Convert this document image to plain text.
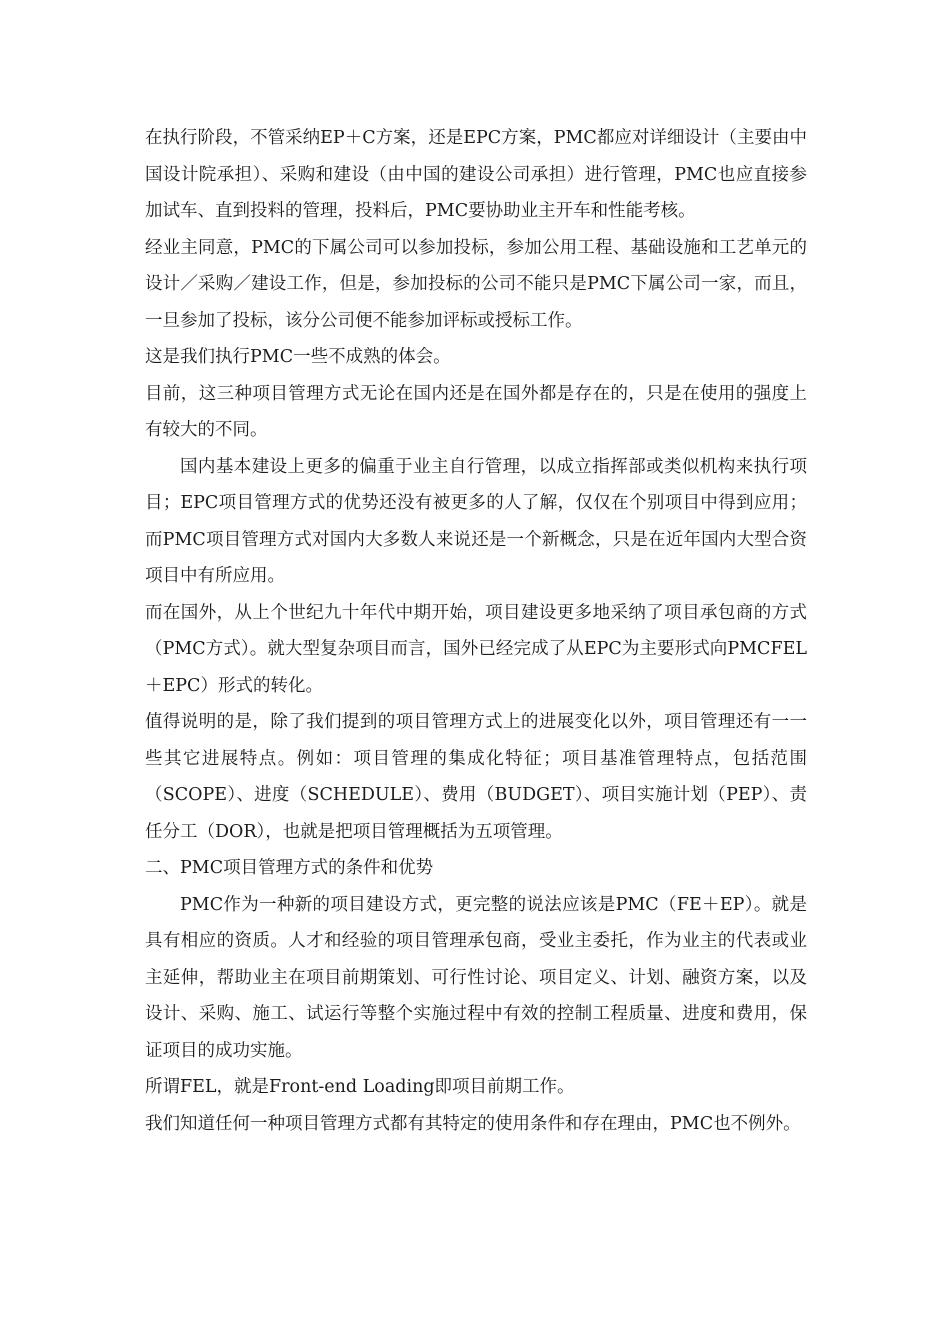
在执行阶段，不管采纳EP＋C方案，还是EPC方案，PMC都应对详细设计（主要由中国设计院承担）、采购和建设（由中国的建设公司承担）进行管理，PMC也应直接参加试车、直到投料的管理，投料后，PMC要协助业主开车和性能考核。

经业主同意，PMC的下属公司可以参加投标，参加公用工程、基础设施和工艺单元的设计／采购／建设工作，但是，参加投标的公司不能只是PMC下属公司一家，而且，一旦参加了投标，该分公司便不能参加评标或授标工作。

这是我们执行PMC一些不成熟的体会。

目前，这三种项目管理方式无论在国内还是在国外都是存在的，只是在使用的强度上有较大的不同。

国内基本建设上更多的偏重于业主自行管理，以成立指挥部或类似机构来执行项目；EPC项目管理方式的优势还没有被更多的人了解，仅仅在个别项目中得到应用；而PMC项目管理方式对国内大多数人来说还是一个新概念，只是在近年国内大型合资项目中有所应用。

而在国外，从上个世纪九十年代中期开始，项目建设更多地采纳了项目承包商的方式（PMC方式）。就大型复杂项目而言，国外已经完成了从EPC为主要形式向PMCFEL＋EPC）形式的转化。

值得说明的是，除了我们提到的项目管理方式上的进展变化以外，项目管理还有一一些其它进展特点。例如：项目管理的集成化特征；项目基准管理特点，包括范围（SCOPE）、进度（SCHEDULE）、费用（BUDGET）、项目实施计划（PEP）、责任分工（DOR），也就是把项目管理概括为五项管理。

二、PMC项目管理方式的条件和优势

PMC作为一种新的项目建设方式，更完整的说法应该是PMC（FE＋EP）。就是具有相应的资质。人才和经验的项目管理承包商，受业主委托，作为业主的代表或业主延伸，帮助业主在项目前期策划、可行性讨论、项目定义、计划、融资方案，以及设计、采购、施工、试运行等整个实施过程中有效的控制工程质量、进度和费用，保证项目的成功实施。

所谓FEL，就是Front-end Loading即项目前期工作。

我们知道任何一种项目管理方式都有其特定的使用条件和存在理由，PMC也不例外。
